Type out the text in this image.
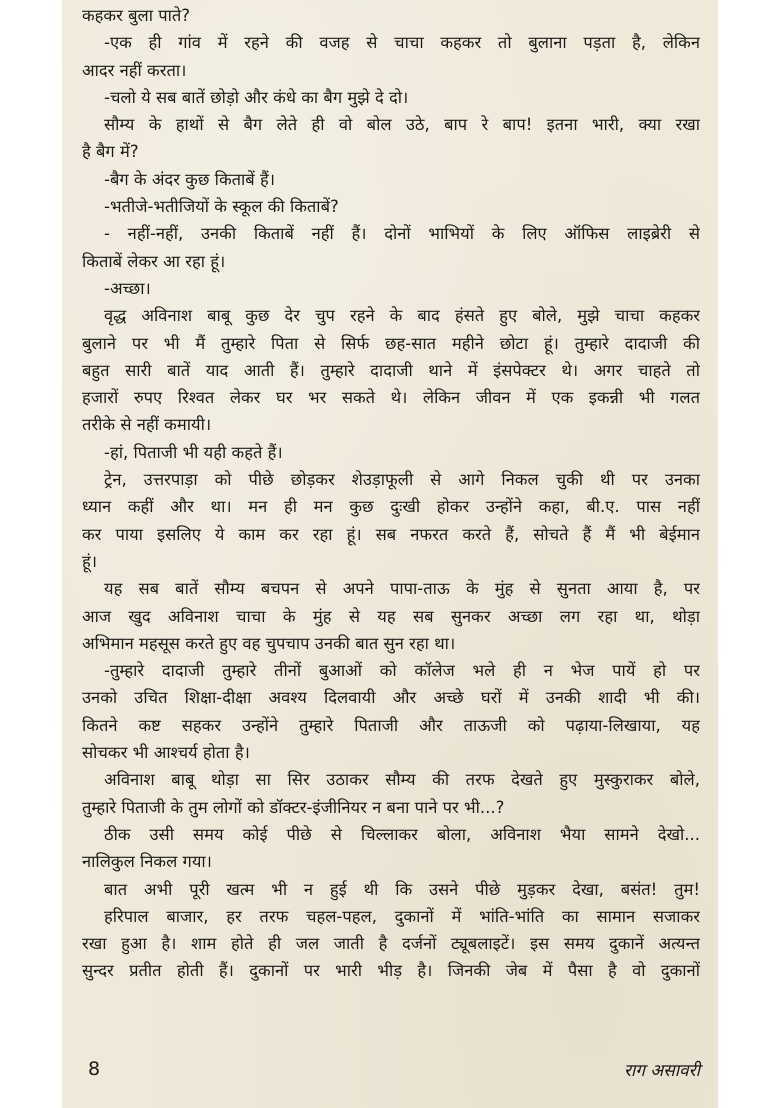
कहकर बुला पाते?
-एक ही गांव में रहने की वजह से चाचा कहकर तो बुलाना पड़ता है, लेकिन
आदर नहीं करता।
-चलो ये सब बातें छोड़ो और कंधे का बैग मुझे दे दो।
सौम्य के हाथों से बैग लेते ही वो बोल उठे, बाप रे बाप! इतना भारी, क्या रखा
है बैग में?
-बैग के अंदर कुछ किताबें हैं।
-भतीजे-भतीजियों के स्कूल की किताबें?
- नहीं-नहीं, उनकी किताबें नहीं हैं। दोनों भाभियों के लिए ऑफिस लाइब्रेरी से
किताबें लेकर आ रहा हूं।
-अच्छा।
वृद्ध अविनाश बाबू कुछ देर चुप रहने के बाद हंसते हुए बोले, मुझे चाचा कहकर
बुलाने पर भी मैं तुम्हारे पिता से सिर्फ छह-सात महीने छोटा हूं। तुम्हारे दादाजी की
बहुत सारी बातें याद आती हैं। तुम्हारे दादाजी थाने में इंसपेक्टर थे। अगर चाहते तो
हजारों रुपए रिश्वत लेकर घर भर सकते थे। लेकिन जीवन में एक इकन्नी भी गलत
तरीके से नहीं कमायी।
-हां, पिताजी भी यही कहते हैं।
ट्रेन, उत्तरपाड़ा को पीछे छोड़कर शेउड़ाफूली से आगे निकल चुकी थी पर उनका
ध्यान कहीं और था। मन ही मन कुछ दुःखी होकर उन्होंने कहा, बी.ए. पास नहीं
कर पाया इसलिए ये काम कर रहा हूं। सब नफरत करते हैं, सोचते हैं मैं भी बेईमान
हूं।
यह सब बातें सौम्य बचपन से अपने पापा-ताऊ के मुंह से सुनता आया है, पर
आज खुद अविनाश चाचा के मुंह से यह सब सुनकर अच्छा लग रहा था, थोड़ा
अभिमान महसूस करते हुए वह चुपचाप उनकी बात सुन रहा था।
-तुम्हारे दादाजी तुम्हारे तीनों बुआओं को कॉलेज भले ही न भेज पायें हो पर
उनको उचित शिक्षा-दीक्षा अवश्य दिलवायी और अच्छे घरों में उनकी शादी भी की।
कितने कष्ट सहकर उन्होंने तुम्हारे पिताजी और ताऊजी को पढ़ाया-लिखाया, यह
सोचकर भी आश्चर्य होता है।
अविनाश बाबू थोड़ा सा सिर उठाकर सौम्य की तरफ देखते हुए मुस्कुराकर बोले,
तुम्हारे पिताजी के तुम लोगों को डॉक्टर-इंजीनियर न बना पाने पर भी...?
ठीक उसी समय कोई पीछे से चिल्लाकर बोला, अविनाश भैया सामने देखो...
नालिकुल निकल गया।
बात अभी पूरी खत्म भी न हुई थी कि उसने पीछे मुड़कर देखा, बसंत! तुम!
हरिपाल बाजार, हर तरफ चहल-पहल, दुकानों में भांति-भांति का सामान सजाकर
रखा हुआ है। शाम होते ही जल जाती है दर्जनों ट्यूबलाइटें। इस समय दुकानें अत्यन्त
सुन्दर प्रतीत होती हैं। दुकानों पर भारी भीड़ है। जिनकी जेब में पैसा है वो दुकानों
8	राग असावरी
